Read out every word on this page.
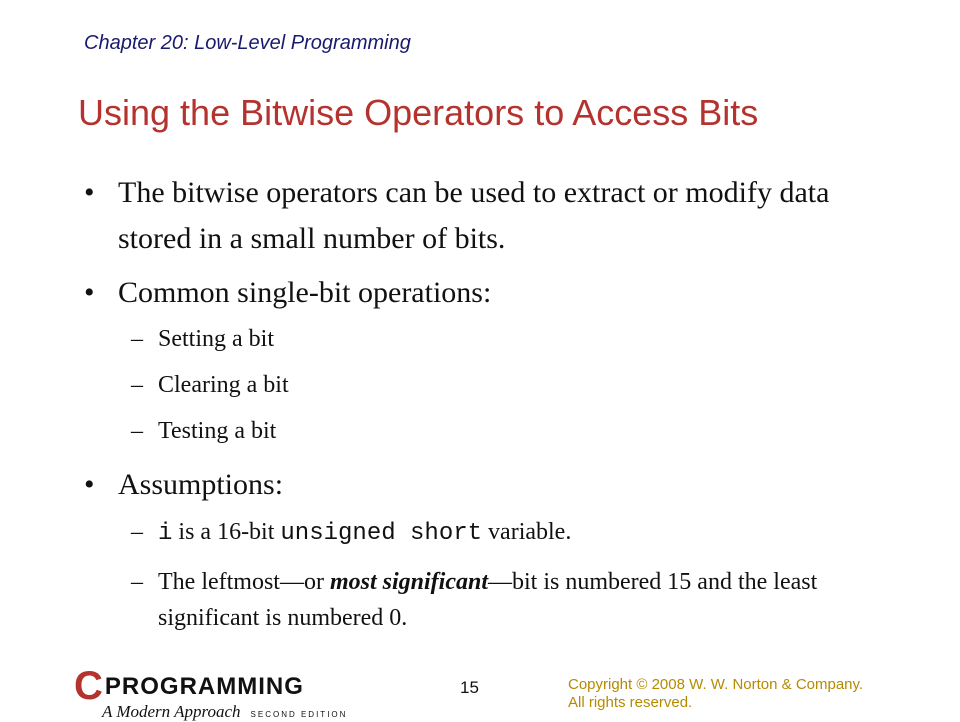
Chapter 20: Low-Level Programming
Using the Bitwise Operators to Access Bits
• The bitwise operators can be used to extract or modify data stored in a small number of bits.
• Common single-bit operations:
– Setting a bit
– Clearing a bit
– Testing a bit
• Assumptions:
– i is a 16-bit unsigned short variable.
– The leftmost—or most significant—bit is numbered 15 and the least significant is numbered 0.
CPROGRAMMING
A Modern Approach SECOND EDITION
15	Copyright © 2008 W. W. Norton & Company.
All rights reserved.
